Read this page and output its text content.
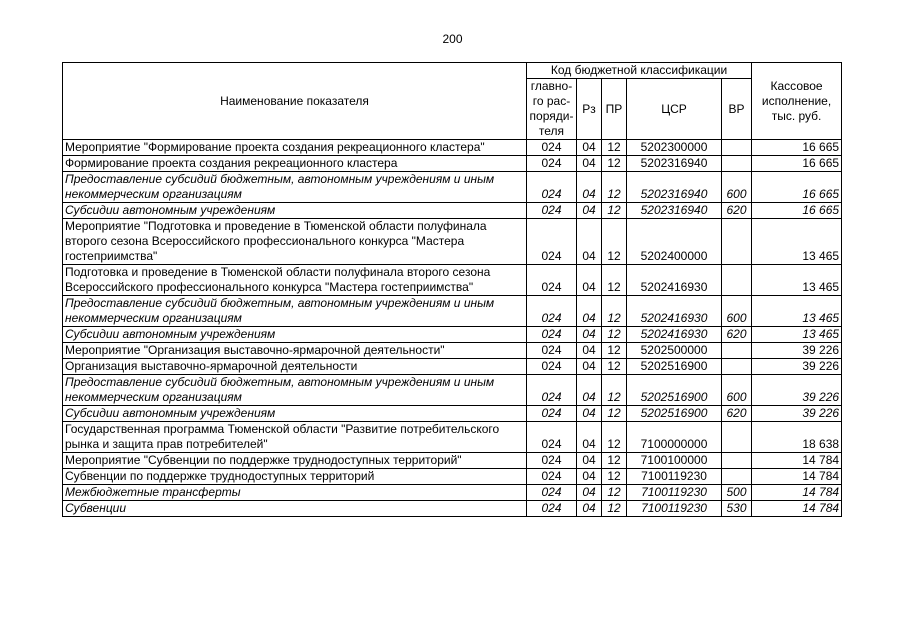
200
Наименование показателя	Код бюджетной классификации					Кассовое исполнение, тыс. руб.
	главно-го рас-поряди-теля	Рз	ПР	ЦСР	ВР	
Мероприятие "Формирование проекта создания рекреационного кластера"	024	04	12	5202300000		16 665
Формирование проекта создания рекреационного кластера	024	04	12	5202316940		16 665
Предоставление субсидий бюджетным, автономным учреждениям и иным некоммерческим организациям	024	04	12	5202316940	600	16 665
Субсидии автономным учреждениям	024	04	12	5202316940	620	16 665
Мероприятие "Подготовка и проведение в Тюменской области полуфинала второго сезона Всероссийского профессионального конкурса "Мастера гостеприимства"	024	04	12	5202400000		13 465
Подготовка и проведение в Тюменской области полуфинала второго сезона Всероссийского профессионального конкурса "Мастера гостеприимства"	024	04	12	5202416930		13 465
Предоставление субсидий бюджетным, автономным учреждениям и иным некоммерческим организациям	024	04	12	5202416930	600	13 465
Субсидии автономным учреждениям	024	04	12	5202416930	620	13 465
Мероприятие "Организация выставочно-ярмарочной деятельности"	024	04	12	5202500000		39 226
Организация выставочно-ярмарочной деятельности	024	04	12	5202516900		39 226
Предоставление субсидий бюджетным, автономным учреждениям и иным некоммерческим организациям	024	04	12	5202516900	600	39 226
Субсидии автономным учреждениям	024	04	12	5202516900	620	39 226
Государственная программа Тюменской области "Развитие потребительского рынка и защита прав потребителей"	024	04	12	7100000000		18 638
Мероприятие "Субвенции по поддержке труднодоступных территорий"	024	04	12	7100100000		14 784
Субвенции по поддержке труднодоступных территорий	024	04	12	7100119230		14 784
Межбюджетные трансферты	024	04	12	7100119230	500	14 784
Субвенции	024	04	12	7100119230	530	14 784
